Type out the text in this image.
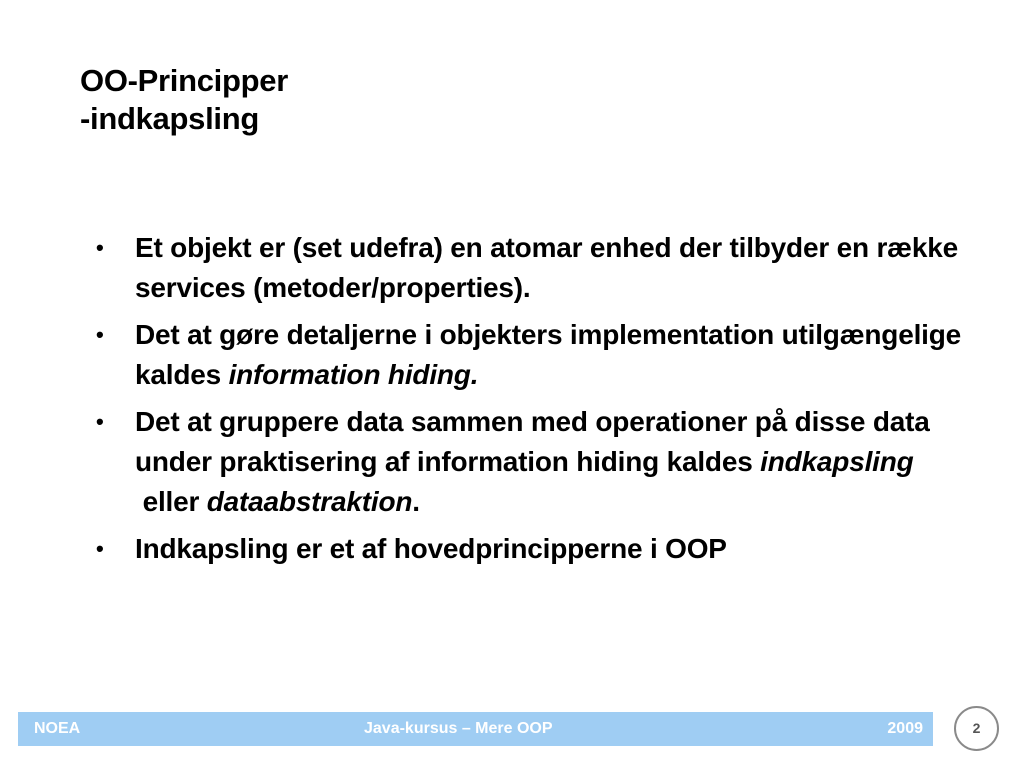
OO-Principper
-indkapsling
• Et objekt er (set udefra) en atomar enhed der tilbyder en række services (metoder/properties).
• Det at gøre detaljerne i objekters implementation utilgængelige kaldes information hiding.
• Det at gruppere data sammen med operationer på disse data under praktisering af information hiding kaldes indkapsling eller dataabstraktion.
• Indkapsling er et af hovedprincipperne i OOP
NOEA	Java-kursus – Mere OOP	2009	2
